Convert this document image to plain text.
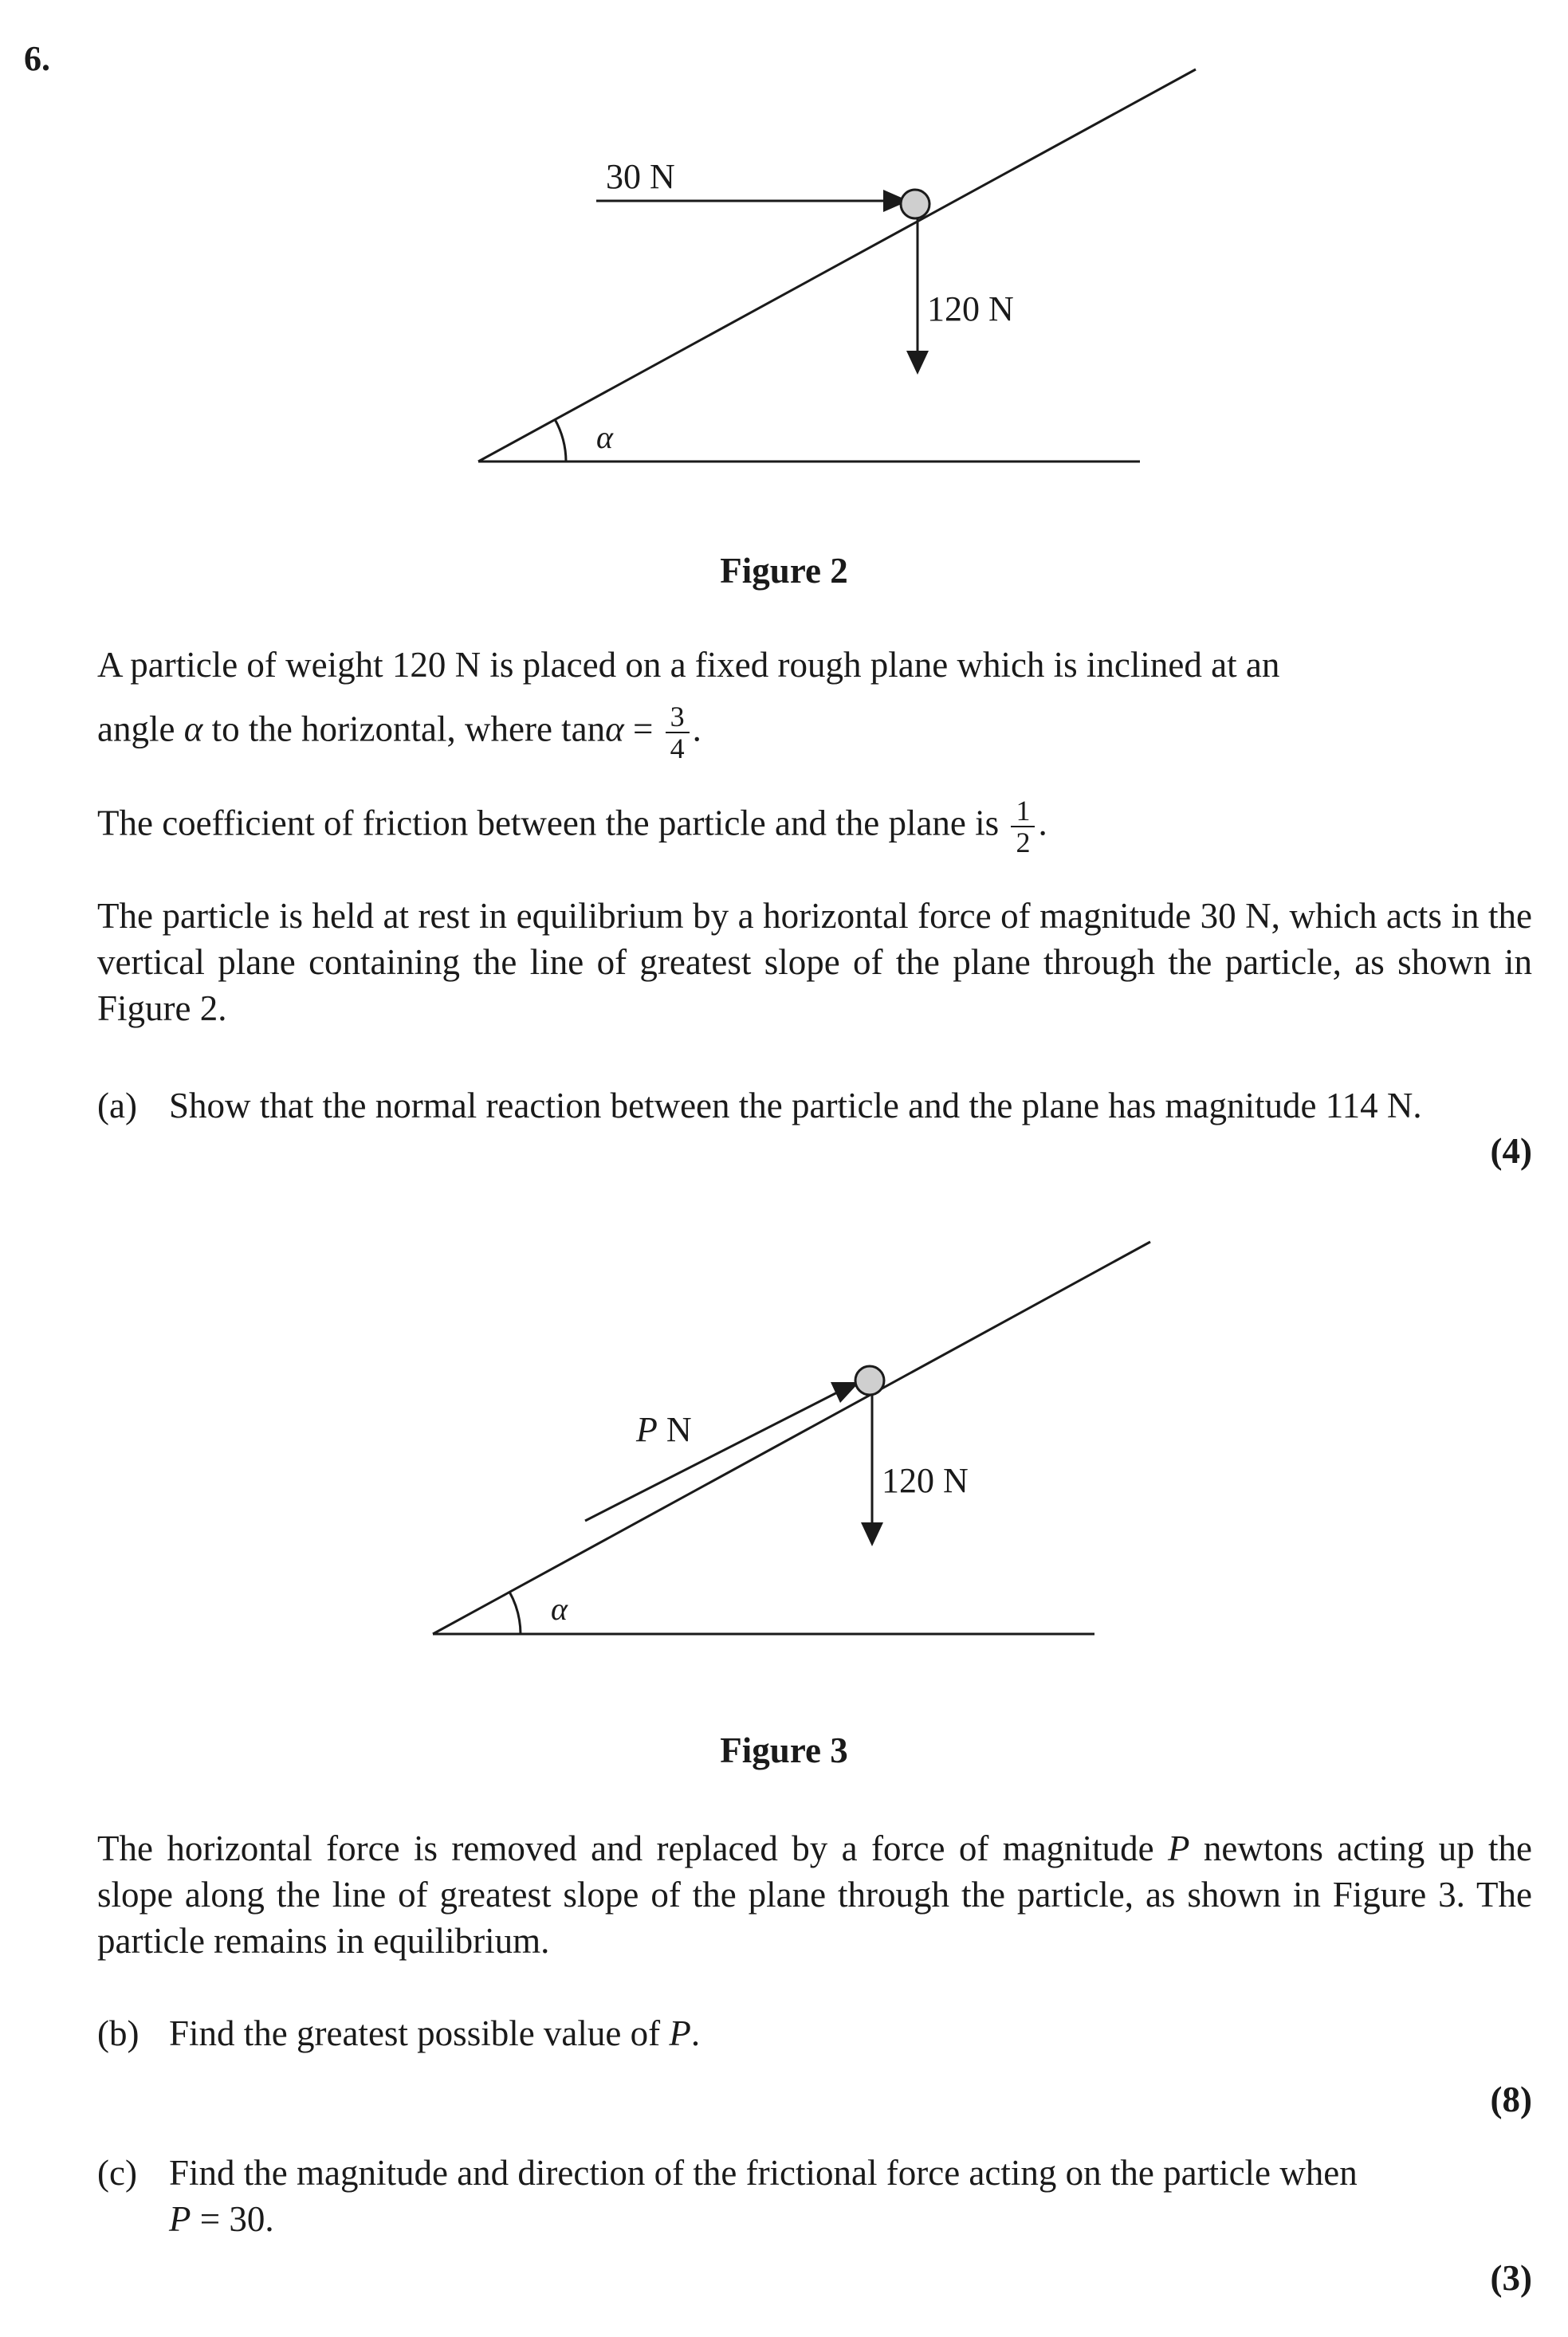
6.
α
30 N
120 N
Figure 2
A particle of weight 120 N is placed on a fixed rough plane which is inclined at an
angle α to the horizontal, where $\tan\alpha = \frac{3}{4}$ .
The coefficient of friction between the particle and the plane is $\frac{1}{2}$ .
The particle is held at rest in equilibrium by a horizontal force of magnitude 30 N, which acts in the vertical plane containing the line of greatest slope of the plane through the particle, as shown in Figure 2.
(a) Show that the normal reaction between the particle and the plane has magnitude 114 N.
(4)
α
P N
120 N
Figure 3
The horizontal force is removed and replaced by a force of magnitude P newtons acting up the slope along the line of greatest slope of the plane through the particle, as shown in Figure 3. The particle remains in equilibrium.
(b) Find the greatest possible value of P.
(8)
(c) Find the magnitude and direction of the frictional force acting on the particle when
P = 30.
(3)
